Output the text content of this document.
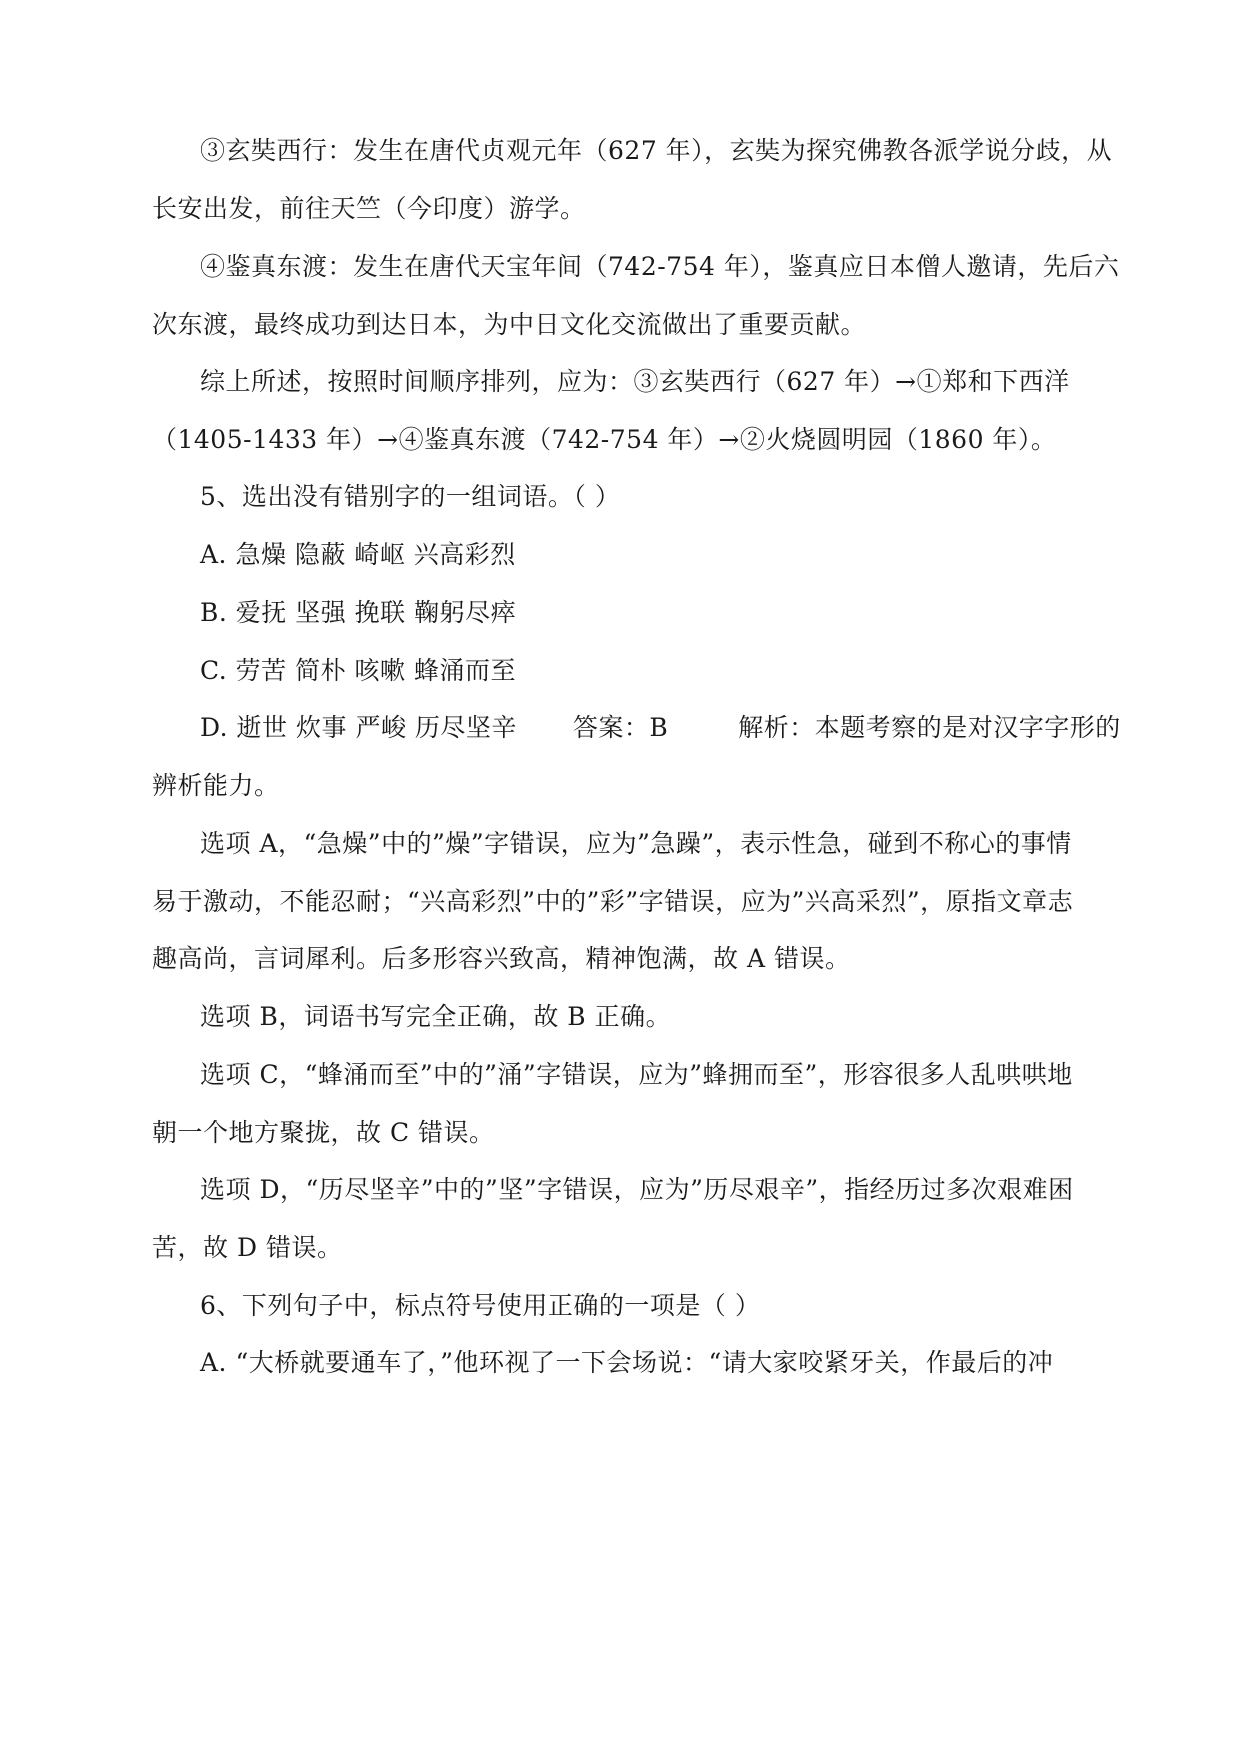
③玄奘西行：发生在唐代贞观元年（627 年），玄奘为探究佛教各派学说分歧，从
长安出发，前往天竺（今印度）游学。
④鉴真东渡：发生在唐代天宝年间（742-754 年），鉴真应日本僧人邀请，先后六
次东渡，最终成功到达日本，为中日文化交流做出了重要贡献。
综上所述，按照时间顺序排列，应为：③玄奘西行（627 年）→①郑和下西洋
（1405-1433 年）→④鉴真东渡（742-754 年）→②火烧圆明园（1860 年）。
5、选出没有错别字的一组词语。（ ）
A. 急燥 隐蔽 崎岖 兴高彩烈
B. 爱抚 坚强 挽联 鞠躬尽瘁
C. 劳苦 简朴 咳嗽 蜂涌而至
D. 逝世 炊事 严峻 历尽坚辛 答案：B	解析：本题考察的是对汉字字形的
辨析能力。
选项 A，“急燥”中的”燥”字错误，应为”急躁”，表示性急，碰到不称心的事情
易于激动，不能忍耐；“兴高彩烈”中的”彩”字错误，应为”兴高采烈”，原指文章志
趣高尚，言词犀利。后多形容兴致高，精神饱满，故 A 错误。
选项 B，词语书写完全正确，故 B 正确。
选项 C，“蜂涌而至”中的”涌”字错误，应为”蜂拥而至”，形容很多人乱哄哄地
朝一个地方聚拢，故 C 错误。
选项 D，“历尽坚辛”中的”坚”字错误，应为”历尽艰辛”，指经历过多次艰难困
苦，故 D 错误。
6、下列句子中，标点符号使用正确的一项是（ ）
A. “大桥就要通车了，”他环视了一下会场说：“请大家咬紧牙关，作最后的冲
